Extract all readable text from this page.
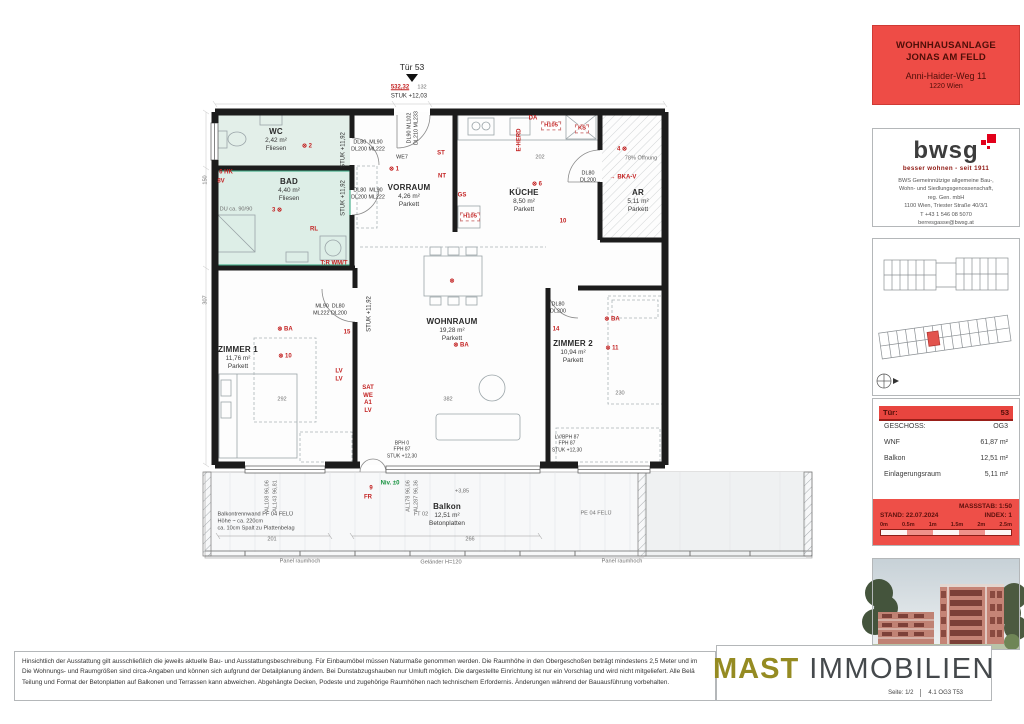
Tür 53
532,32 132
STUK +12,03
WC
2,42 m²
Fliesen	⊗ 2
6 HK
8V	BAD
4,40 m²
Fliesen
3 ⊗
DU ca. 90/90
RL
T:R WM/T
STUK +11,92
STUK +11,92
DL80  ML90
DL200 ML222
DL80  ML90
DL200 ML222
WE7
⊗ 1
VORRAUM
4,26 m²
Parkett
DL90 ML102
DL210 ML233
ST
NT
GS
H105
E-HERD
DA
H105	KS
202
KÜCHE
8,50 m²
Parkett
⊗ 6
10
DL80
DL200
4 ⊗
78% Öffnung
→ BKA-V
AR
5,11 m²
Parkett
DL80
DL200
14
WOHNRAUM
19,28 m²
Parkett
⊗ BA
⊗
382
ZIMMER 2
10,94 m²
Parkett
⊗ BA
⊗ 11
230
ML90  DL80
ML222 DL200
15
STUK +11,92
ZIMMER 1
11,76 m²
Parkett
⊗ BA
⊗ 10
292
LV
LV
SAT
WE
A1
LV
307
150
BPH 0
FPH 87
STUK +12,30
LV/BPH 87
FPH 87
STUK +12,30
9
FR
Niv. ±0
+3,85
FT 02
Balkon
12,51 m²
Betonplatten
Balkontrennwand PF 04 FELÜ
Höhe ~ ca. 220cm
ca. 10cm Spalt zu Plattenbelag
PE 04 FELÜ
AL108 96,06 AL143 96,81	AL178 96,06 AL287 96,36
201	266
Panel raumhoch	Geländer H=120	Panel raumhoch
WOHNHAUSANLAGE
JONAS AM FELD
Anni-Haider-Weg 11
1220 Wien
bwsg
besser wohnen - seit 1911
BWS Gemeinnützige allgemeine Bau-,
Wohn- und Siedlungsgenossenschaft,
reg. Gen. mbH
1100 Wien, Triester Straße 40/3/1
T +43 1 546 08 5070
berresgasse@bwsg.at
Tür:	53
GESCHOSS:	OG3
WNF	61,87 m²
Balkon	12,51 m²
Einlagerungsraum	5,11 m²
MASSSTAB: 1:50
STAND: 22.07.2024	INDEX: 1
0m	0.5m	1m	1.5m	2m	2.5m
Hinsichtlich der Ausstattung gilt ausschließlich die jeweils aktuelle Bau- und Ausstattungsbeschreibung. Für Einbaumöbel müssen Naturmaße genommen werden. Die Raumhöhe in den Obergeschoßen beträgt mindestens 2,5 Meter und im
Die Wohnungs- und Raumgrößen sind circa-Angaben und können sich aufgrund der Detailplanung ändern. Bei Dunstabzugshauben nur Umluft möglich. Die dargestellte Einrichtung ist nur ein Vorschlag und wird nicht mitgeliefert. Alle Belä
Teilung und Format der Betonplatten auf Balkonen und Terrassen kann abweichen. Abgehängte Decken, Podeste und zugehörige Raumhöhen nach technischem Erfordernis. Änderungen während der Bauausführung vorbehalten.	MAST IMMOBILIEN
Seite: 1/2	4.1 OG3 T53
